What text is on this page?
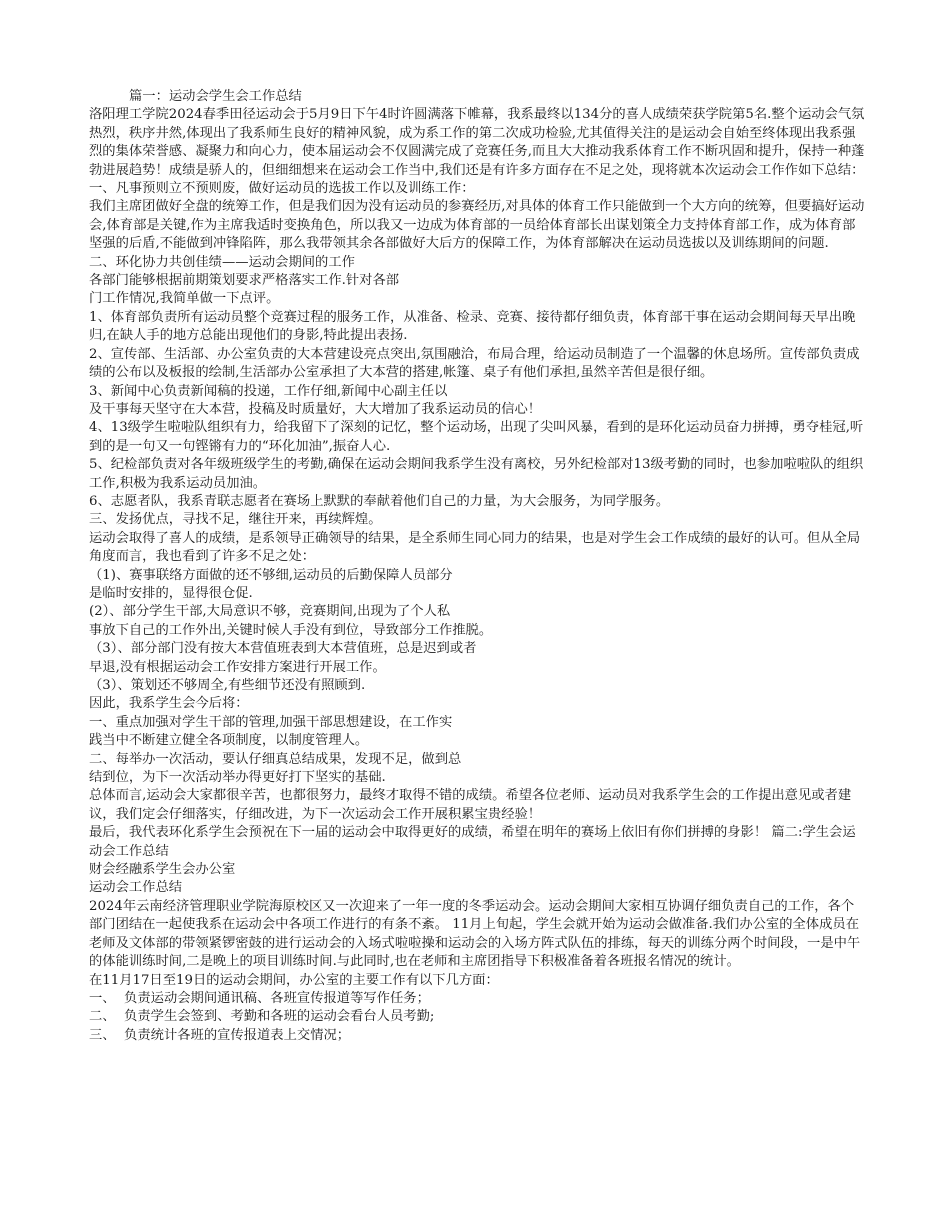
篇一：运动会学生会工作总结

洛阳理工学院2024春季田径运动会于5月9日下午4时许圆满落下帷幕，我系最终以134分的喜人成绩荣获学院第5名.整个运动会气氛热烈，秩序井然,体现出了我系师生良好的精神风貌，成为系工作的第二次成功检验,尤其值得关注的是运动会自始至终体现出我系强烈的集体荣誉感、凝聚力和向心力，使本届运动会不仅圆满完成了竞赛任务,而且大大推动我系体育工作不断巩固和提升，保持一种蓬勃进展趋势！成绩是骄人的，但细细想来在运动会工作当中,我们还是有许多方面存在不足之处，现将就本次运动会工作作如下总结：

一、凡事预则立不预则废，做好运动员的选拔工作以及训练工作：

我们主席团做好全盘的统筹工作，但是我们因为没有运动员的参赛经历,对具体的体育工作只能做到一个大方向的统筹，但要搞好运动会,体育部是关键,作为主席我适时变换角色，所以我又一边成为体育部的一员给体育部长出谋划策全力支持体育部工作，成为体育部坚强的后盾,不能做到冲锋陷阵，那么我带领其余各部做好大后方的保障工作，为体育部解决在运动员选拔以及训练期间的问题.

二、环化协力共创佳绩——运动会期间的工作

各部门能够根据前期策划要求严格落实工作.针对各部

门工作情况,我简单做一下点评。

1、体育部负责所有运动员整个竞赛过程的服务工作，从准备、检录、竞赛、接待都仔细负责，体育部干事在运动会期间每天早出晚归,在缺人手的地方总能出现他们的身影,特此提出表扬.

2、宣传部、生活部、办公室负责的大本营建设亮点突出,氛围融洽，布局合理，给运动员制造了一个温馨的休息场所。宣传部负责成绩的公布以及板报的绘制,生活部办公室承担了大本营的搭建,帐篷、桌子有他们承担,虽然辛苦但是很仔细。

3、新闻中心负责新闻稿的投递，工作仔细,新闻中心副主任以

及干事每天坚守在大本营，投稿及时质量好，大大增加了我系运动员的信心！

4、13级学生啦啦队组织有力，给我留下了深刻的记忆，整个运动场，出现了尖叫风暴，看到的是环化运动员奋力拼搏，勇夺桂冠,听到的是一句又一句铿锵有力的“环化加油”,振奋人心.

5、纪检部负责对各年级班级学生的考勤,确保在运动会期间我系学生没有离校，另外纪检部对13级考勤的同时，也参加啦啦队的组织工作,积极为我系运动员加油。

6、志愿者队，我系青联志愿者在赛场上默默的奉献着他们自己的力量，为大会服务，为同学服务。

三、发扬优点，寻找不足，继往开来，再续辉煌。

运动会取得了喜人的成绩，是系领导正确领导的结果，是全系师生同心同力的结果，也是对学生会工作成绩的最好的认可。但从全局角度而言，我也看到了许多不足之处：

（1)、赛事联络方面做的还不够细,运动员的后勤保障人员部分

是临时安排的，显得很仓促.

(2）、部分学生干部,大局意识不够，竞赛期间,出现为了个人私

事放下自己的工作外出,关键时候人手没有到位，导致部分工作推脱。

（3）、部分部门没有按大本营值班表到大本营值班，总是迟到或者

早退,没有根据运动会工作安排方案进行开展工作。

（3）、策划还不够周全,有些细节还没有照顾到.

因此，我系学生会今后将：

一、重点加强对学生干部的管理,加强干部思想建设，在工作实

践当中不断建立健全各项制度，以制度管理人。

二、每举办一次活动，要认仔细真总结成果，发现不足，做到总

结到位，为下一次活动举办得更好打下坚实的基础.

总体而言,运动会大家都很辛苦，也都很努力，最终才取得不错的成绩。希望各位老师、运动员对我系学生会的工作提出意见或者建议，我们定会仔细落实，仔细改进，为下一次运动会工作开展积累宝贵经验！

最后，我代表环化系学生会预祝在下一届的运动会中取得更好的成绩，希望在明年的赛场上依旧有你们拼搏的身影！ 篇二:学生会运动会工作总结

财会经融系学生会办公室

运动会工作总结

2024年云南经济管理职业学院海原校区又一次迎来了一年一度的冬季运动会。运动会期间大家相互协调仔细负责自己的工作，各个部门团结在一起使我系在运动会中各项工作进行的有条不紊。 11月上旬起，学生会就开始为运动会做准备.我们办公室的全体成员在老师及文体部的带领紧锣密鼓的进行运动会的入场式啦啦操和运动会的入场方阵式队伍的排练，每天的训练分两个时间段，一是中午的体能训练时间,二是晚上的项目训练时间.与此同时,也在老师和主席团指导下积极准备着各班报名情况的统计。

在11月17日至19日的运动会期间，办公室的主要工作有以下几方面：

一、  负责运动会期间通讯稿、各班宣传报道等写作任务；

二、  负责学生会签到、考勤和各班的运动会看台人员考勤;

三、  负责统计各班的宣传报道表上交情况；
